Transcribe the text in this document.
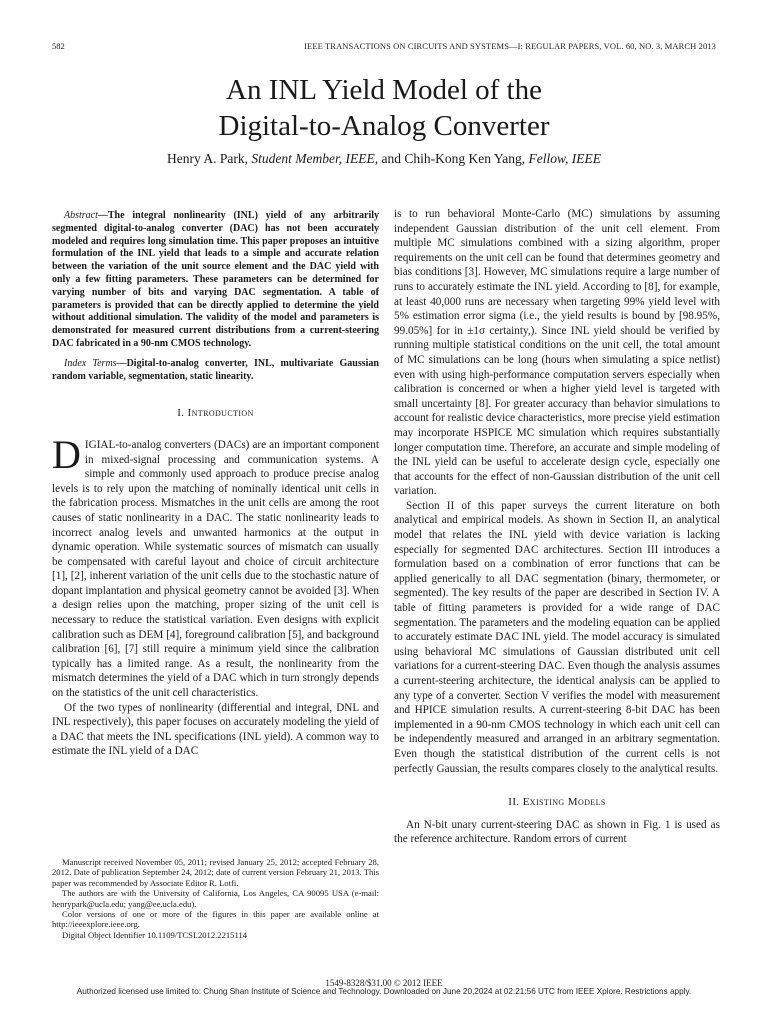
582	IEEE TRANSACTIONS ON CIRCUITS AND SYSTEMS—I: REGULAR PAPERS, VOL. 60, NO. 3, MARCH 2013
An INL Yield Model of the
Digital-to-Analog Converter
Henry A. Park, Student Member, IEEE, and Chih-Kong Ken Yang, Fellow, IEEE

Abstract—The integral nonlinearity (INL) yield of any arbitrarily segmented digital-to-analog converter (DAC) has not been accurately modeled and requires long simulation time. This paper proposes an intuitive formulation of the INL yield that leads to a simple and accurate relation between the variation of the unit source element and the DAC yield with only a few fitting parameters. These parameters can be determined for varying number of bits and varying DAC segmentation. A table of parameters is provided that can be directly applied to determine the yield without additional simulation. The validity of the model and parameters is demonstrated for measured current distributions from a current-steering DAC fabricated in a 90-nm CMOS technology.

Index Terms—Digital-to-analog converter, INL, multivariate Gaussian random variable, segmentation, static linearity.

I. Introduction

DIGIAL-to-analog converters (DACs) are an important component in mixed-signal processing and communication systems. A simple and commonly used approach to produce precise analog levels is to rely upon the matching of nominally identical unit cells in the fabrication process. Mismatches in the unit cells are among the root causes of static nonlinearity in a DAC. The static nonlinearity leads to incorrect analog levels and unwanted harmonics at the output in dynamic operation. While systematic sources of mismatch can usually be compensated with careful layout and choice of circuit architecture [1], [2], inherent variation of the unit cells due to the stochastic nature of dopant implantation and physical geometry cannot be avoided [3]. When a design relies upon the matching, proper sizing of the unit cell is necessary to reduce the statistical variation. Even designs with explicit calibration such as DEM [4], foreground calibration [5], and background calibration [6], [7] still require a minimum yield since the calibration typically has a limited range. As a result, the nonlinearity from the mismatch determines the yield of a DAC which in turn strongly depends on the statistics of the unit cell characteristics.

Of the two types of nonlinearity (differential and integral, DNL and INL respectively), this paper focuses on accurately modeling the yield of a DAC that meets the INL specifications (INL yield). A common way to estimate the INL yield of a DAC

Manuscript received November 05, 2011; revised January 25, 2012; accepted February 28, 2012. Date of publication September 24, 2012; date of current version February 21, 2013. This paper was recommended by Associate Editor R. Lotfi.

The authors are with the University of California, Los Angeles, CA 90095 USA (e-mail: henrypark@ucla.edu; yang@ee.ucla.edu).

Color versions of one or more of the figures in this paper are available online at http://ieeexplore.ieee.org.

Digital Object Identifier 10.1109/TCSI.2012.2215114

is to run behavioral Monte-Carlo (MC) simulations by assuming independent Gaussian distribution of the unit cell element. From multiple MC simulations combined with a sizing algorithm, proper requirements on the unit cell can be found that determines geometry and bias conditions [3]. However, MC simulations require a large number of runs to accurately estimate the INL yield. According to [8], for example, at least 40,000 runs are necessary when targeting 99% yield level with 5% estimation error sigma (i.e., the yield results is bound by [98.95%, 99.05%] for in ±1σ certainty,). Since INL yield should be verified by running multiple statistical conditions on the unit cell, the total amount of MC simulations can be long (hours when simulating a spice netlist) even with using high-performance computation servers especially when calibration is concerned or when a higher yield level is targeted with small uncertainty [8]. For greater accuracy than behavior simulations to account for realistic device characteristics, more precise yield estimation may incorporate HSPICE MC simulation which requires substantially longer computation time. Therefore, an accurate and simple modeling of the INL yield can be useful to accelerate design cycle, especially one that accounts for the effect of non-Gaussian distribution of the unit cell variation.

Section II of this paper surveys the current literature on both analytical and empirical models. As shown in Section II, an analytical model that relates the INL yield with device variation is lacking especially for segmented DAC architectures. Section III introduces a formulation based on a combination of error functions that can be applied generically to all DAC segmentation (binary, thermometer, or segmented). The key results of the paper are described in Section IV. A table of fitting parameters is provided for a wide range of DAC segmentation. The parameters and the modeling equation can be applied to accurately estimate DAC INL yield. The model accuracy is simulated using behavioral MC simulations of Gaussian distributed unit cell variations for a current-steering DAC. Even though the analysis assumes a current-steering architecture, the identical analysis can be applied to any type of a converter. Section V verifies the model with measurement and HPICE simulation results. A current-steering 8-bit DAC has been implemented in a 90-nm CMOS technology in which each unit cell can be independently measured and arranged in an arbitrary segmentation. Even though the statistical distribution of the current cells is not perfectly Gaussian, the results compares closely to the analytical results.

II. Existing Models

An N-bit unary current-steering DAC as shown in Fig. 1 is used as the reference architecture. Random errors of current

1549-8328/$31.00 © 2012 IEEE
Authorized licensed use limited to: Chung Shan Institute of Science and Technology. Downloaded on June 20,2024 at 02:21:56 UTC from IEEE Xplore. Restrictions apply.
